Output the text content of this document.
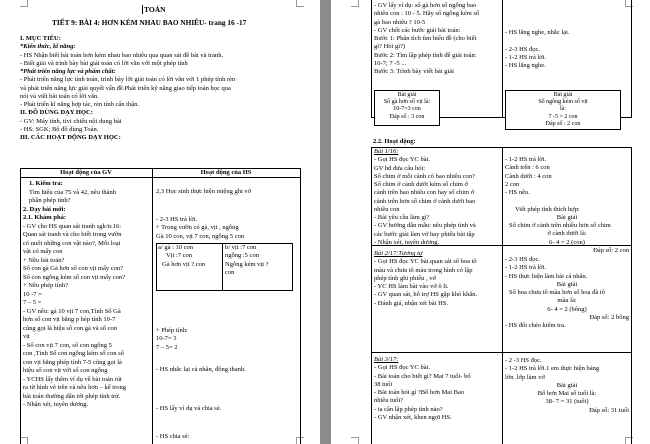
TOÁN
TIẾT 9: BÀI 4: HƠN KÉM NHAU BAO NHIÊU- trang 16 -17
I. MỤC TIÊU:
*Kiến thức, kĩ năng:
- HS Nhận biết bài toán hơn kém nhau bao nhiêu qua quan sát đề bài và tranh.
- Biết giải và trình bày bài giải toán có lời văn với một phép tính
*Phát triển năng lực và phẩm chất:
- Phát triển năng lực tính toán, trình bày lời giải toán có lời văn với 1 phép tính rèn
và phát triển năng lực giải quyết vấn đề.Phát triển kỹ năng giao tiếp toán học qua
nói và viết bài toán có lời văn.
- Phát triển kĩ năng hợp tác, rèn tính cẩn thận.
II. ĐỒ DÙNG DẠY HỌC:
- GV: Máy tính, tivi chiếu nội dung bài
- HS: SGK; Bộ đồ dùng Toán.
III. CÁC HOẠT ĐỘNG DẠY HỌC:
Hoạt động của GV	Hoạt động của HS
1. Kiểm tra:
Tìm hiểu của 75 và 42, nêu thành
phần phép tính?
2. Dạy bài mới:
2.1. Khám phá:
- GV cho HS quan sát tranh sgk/tr.16:
Quan sát tranh và cho biết trong vườn
có nuôi những con vật nào?, Mỗi loại
vật có mấy con
+ Nêu bài toán?
Số con gà Gà hơn số con vịt mấy con?
Số con ngỗng kém số con vịt mấy con?
+ Nêu phép tính?
10 -7 =
7 – 5 =
- GV nêu: gà 10 vịt 7 con,Tính Số Gà
hơn số con vịt bằng p hép tính 10-7
cũng gọi là hiệu số con gà và số con
vịt
- Số con vịt 7 con, số con ngỗng 5
con ,Tính Số con ngỗng kém số con số
con vịt bằng phép tính 7-5 cũng gọi là
hiệu số con vịt với số con ngỗng
- YCHS lấy thêm ví dụ về bài toán rút
ra từ hình vẽ trên và nêu hơn – kế trong
bài toán thường dẫn tới phép tính trừ.
- Nhận xét, tuyên dương.
2,3 Học sinh thực hiện miệng ghi vở
- 2-3 HS trả lời.
+ Trong vườn có gà, vịt , ngỗng
Gà 10 con, vịt 7 con, ngỗng 5 con
a/ gà : 10 con
Vịt :7 con
Gà hơn vịt ?.con
b/ vịt :7 con
ngỗng :5 con
Ngỗng kém vịt ?
con
+ Phép tính:
10-7= 3
7 – 5= 2
- HS nhắc lại cá nhân, đồng thanh.
- HS lấy ví dụ và chia sẻ.
- HS chia sẻ:
- GV lấy ví dụ: số gà hơn số ngỗng bao
nhiêu con : 10 - 5. Hãy số ngỗng kém số
gà bao nhiêu ? 10-5
- GV chốt các bước giải bài toán:
Bước 1: Phân tích tìm hiểu đề (cho biết
gì? Hỏi gì?)
Bước 2: Tìm lập phép tính đề giải toán:
10-7; 7 -5 ...
Bước 3: Trình bày viết bài giải
- HS lắng nghe, nhắc lại.

- 2-3 HS đọc.
- 1-2 HS trả lời.
- HS lắng nghe.
Bài giải
Số gà hơn số vịt là:
10-7=3 con
Đáp số : 3 con
Bài giải
Số ngỗng kém số vịt
là:
7 -5 = 2 con
Đáp số : 2 con
2.2. Hoạt động:
Bài 1/16:
- Gọi HS đọc YC bài.
GV hd đưa câu hỏi:
Số chim ở mỗi cành có bao nhiêu con?
Số chim ở cành dưới kém số chim ở
cành trên bao nhiêu con hay số chim ở
cành trên hơn số chim ở cành dưới bao
nhiêu con
- Bài yêu cầu làm gì?
- GV hướng dẫn mẫu: nêu phép tính và
các bước giải làm vở hay phiếu bài tập
- Nhận xét, tuyên dương.
- 1-2 HS trả lời.
Cành trên : 6 con
Cành dưới : 4 con
2 con
- HS nêu.

Viết phép tính thích hợp:
Bài giải
Số chim ở cành trên nhiều hơn số chim
ở cành dưới là:
6- 4 = 2 (con)
Đáp số: 2 con
Bài 2/17:Tương tự
- Gọi HS đọc YC bài.quan sát số hoa tô
màu và chưa tô màu trong hình có lập
phép tính ghi phiếu , vở
- YC HS làm bài vào vở ô li.
- GV quan sát, hỗ trợ HS gặp khó khăn.
- Đánh giá, nhận xét bài HS.
- 2-3 HS đọc.
- 1-2 HS trả lời.
- HS thực hiện làm bài cá nhân.
Bài giải
Số hoa chưa tô màu hơn số hoa đã tô
màu là:
6- 4 = 2 (bông)
Đáp số: 2 bông
- HS đổi chéo kiểm tra.
Bài 3/17:
- Gọi HS đọc YC bài.
- Bài toán cho biết gì? Mai 7 tuổi- bố
38 tuổi
- Bài toán hỏi gì ?Bố hơn Mai Bao
nhiêu tuổi?
- ta cần lập phép tính nào?
- GV nhận xét, khen ngợi HS.
- 2 -3 HS đọc.
- 1-2 HS trả lời.1 em thực hiện bảng
lớn .lớp làm vở
Bài giải
Bố hơn Mai số tuổi là:
38- 7 = 31 (tuổi)
Đáp số: 31 tuổi
